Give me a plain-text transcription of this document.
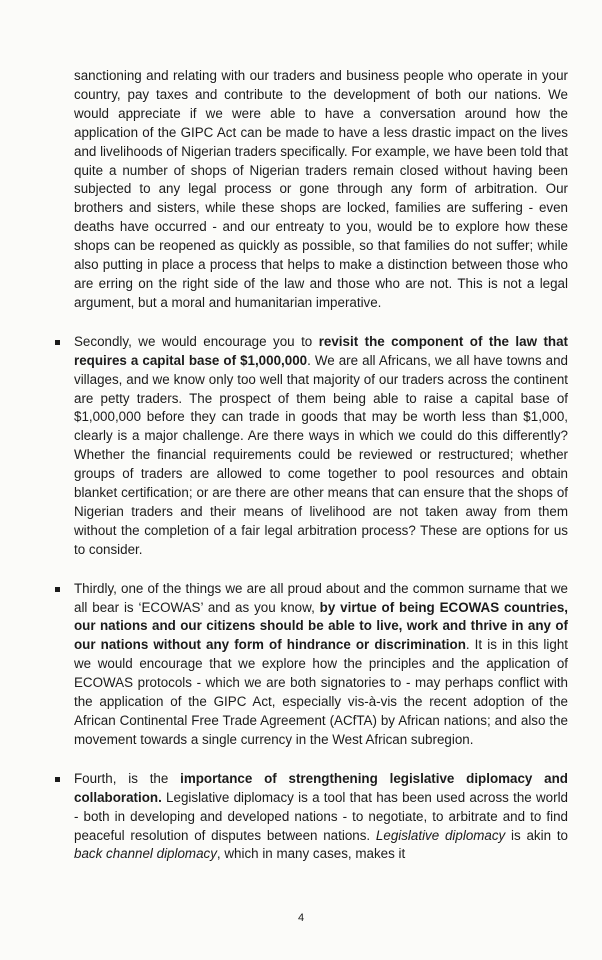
sanctioning and relating with our traders and business people who operate in your country, pay taxes and contribute to the development of both our nations. We would appreciate if we were able to have a conversation around how the application of the GIPC Act can be made to have a less drastic impact on the lives and livelihoods of Nigerian traders specifically. For example, we have been told that quite a number of shops of Nigerian traders remain closed without having been subjected to any legal process or gone through any form of arbitration. Our brothers and sisters, while these shops are locked, families are suffering - even deaths have occurred - and our entreaty to you, would be to explore how these shops can be reopened as quickly as possible, so that families do not suffer; while also putting in place a process that helps to make a distinction between those who are erring on the right side of the law and those who are not. This is not a legal argument, but a moral and humanitarian imperative.

Secondly, we would encourage you to revisit the component of the law that requires a capital base of $1,000,000. We are all Africans, we all have towns and villages, and we know only too well that majority of our traders across the continent are petty traders. The prospect of them being able to raise a capital base of $1,000,000 before they can trade in goods that may be worth less than $1,000, clearly is a major challenge. Are there ways in which we could do this differently? Whether the financial requirements could be reviewed or restructured; whether groups of traders are allowed to come together to pool resources and obtain blanket certification; or are there are other means that can ensure that the shops of Nigerian traders and their means of livelihood are not taken away from them without the completion of a fair legal arbitration process? These are options for us to consider.

Thirdly, one of the things we are all proud about and the common surname that we all bear is ‘ECOWAS’ and as you know, by virtue of being ECOWAS countries, our nations and our citizens should be able to live, work and thrive in any of our nations without any form of hindrance or discrimination. It is in this light we would encourage that we explore how the principles and the application of ECOWAS protocols - which we are both signatories to - may perhaps conflict with the application of the GIPC Act, especially vis-à-vis the recent adoption of the African Continental Free Trade Agreement (ACfTA) by African nations; and also the movement towards a single currency in the West African subregion.

Fourth, is the importance of strengthening legislative diplomacy and collaboration. Legislative diplomacy is a tool that has been used across the world - both in developing and developed nations - to negotiate, to arbitrate and to find peaceful resolution of disputes between nations. Legislative diplomacy is akin to back channel diplomacy, which in many cases, makes it

4
